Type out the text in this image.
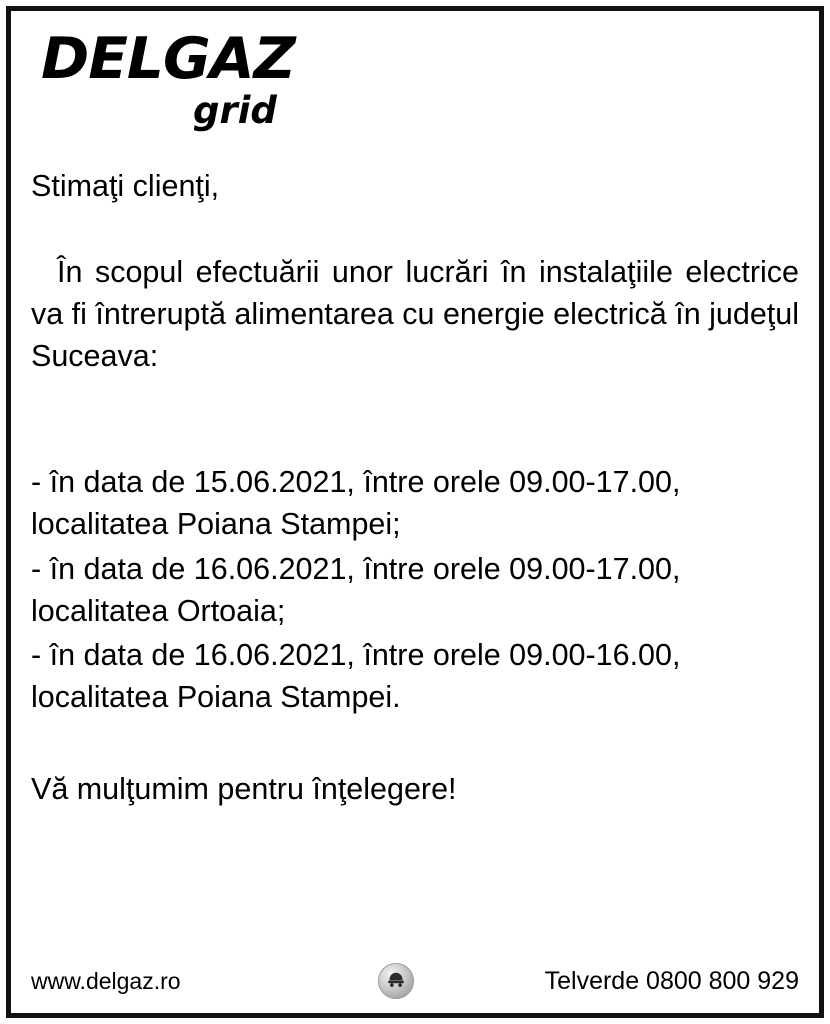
DELGAZ
grid
Stimaţi clienţi,
În scopul efectuării unor lucrări în instalaţiile electrice va fi întreruptă alimentarea cu energie electrică în judeţul Suceava:
- în data de 15.06.2021, între orele 09.00-17.00, localitatea Poiana Stampei;
- în data de 16.06.2021, între orele 09.00-17.00, localitatea Ortoaia;
- în data de 16.06.2021, între orele 09.00-16.00, localitatea Poiana Stampei.
Vă mulţumim pentru înţelegere!
www.delgaz.ro	Telverde 0800 800 929
